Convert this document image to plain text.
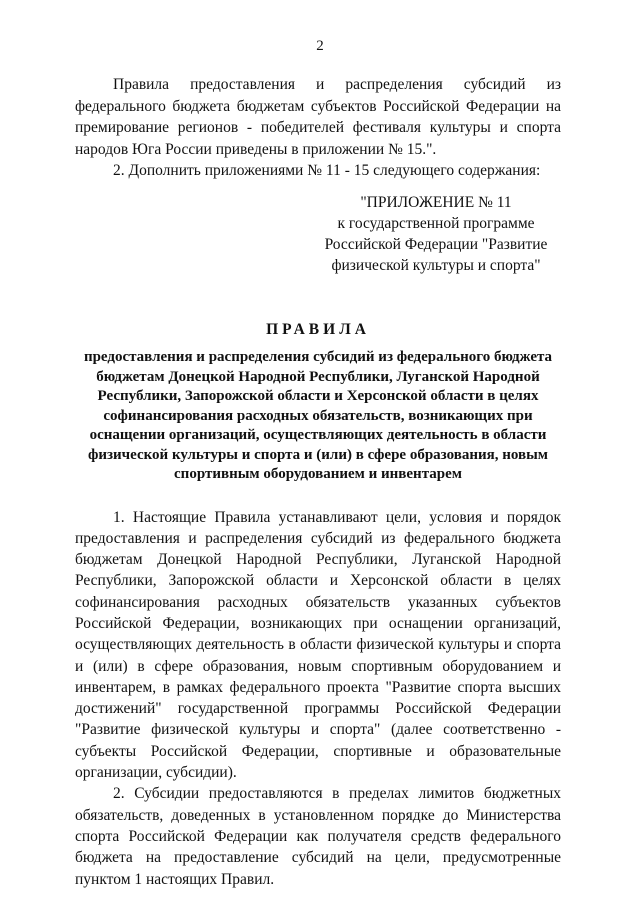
2

Правила предоставления и распределения субсидий из федерального бюджета бюджетам субъектов Российской Федерации на премирование регионов - победителей фестиваля культуры и спорта народов Юга России приведены в приложении № 15.".

2. Дополнить приложениями № 11 - 15 следующего содержания:

"ПРИЛОЖЕНИЕ № 11
к государственной программе
Российской Федерации "Развитие
физической культуры и спорта"
ПРАВИЛА
предоставления и распределения субсидий из федерального бюджета бюджетам Донецкой Народной Республики, Луганской Народной Республики, Запорожской области и Херсонской области в целях софинансирования расходных обязательств, возникающих при оснащении организаций, осуществляющих деятельность в области физической культуры и спорта и (или) в сфере образования, новым спортивным оборудованием и инвентарем

1. Настоящие Правила устанавливают цели, условия и порядок предоставления и распределения субсидий из федерального бюджета бюджетам Донецкой Народной Республики, Луганской Народной Республики, Запорожской области и Херсонской области в целях софинансирования расходных обязательств указанных субъектов Российской Федерации, возникающих при оснащении организаций, осуществляющих деятельность в области физической культуры и спорта и (или) в сфере образования, новым спортивным оборудованием и инвентарем, в рамках федерального проекта "Развитие спорта высших достижений" государственной программы Российской Федерации "Развитие физической культуры и спорта" (далее соответственно - субъекты Российской Федерации, спортивные и образовательные организации, субсидии).

2. Субсидии предоставляются в пределах лимитов бюджетных обязательств, доведенных в установленном порядке до Министерства спорта Российской Федерации как получателя средств федерального бюджета на предоставление субсидий на цели, предусмотренные пунктом 1 настоящих Правил.
